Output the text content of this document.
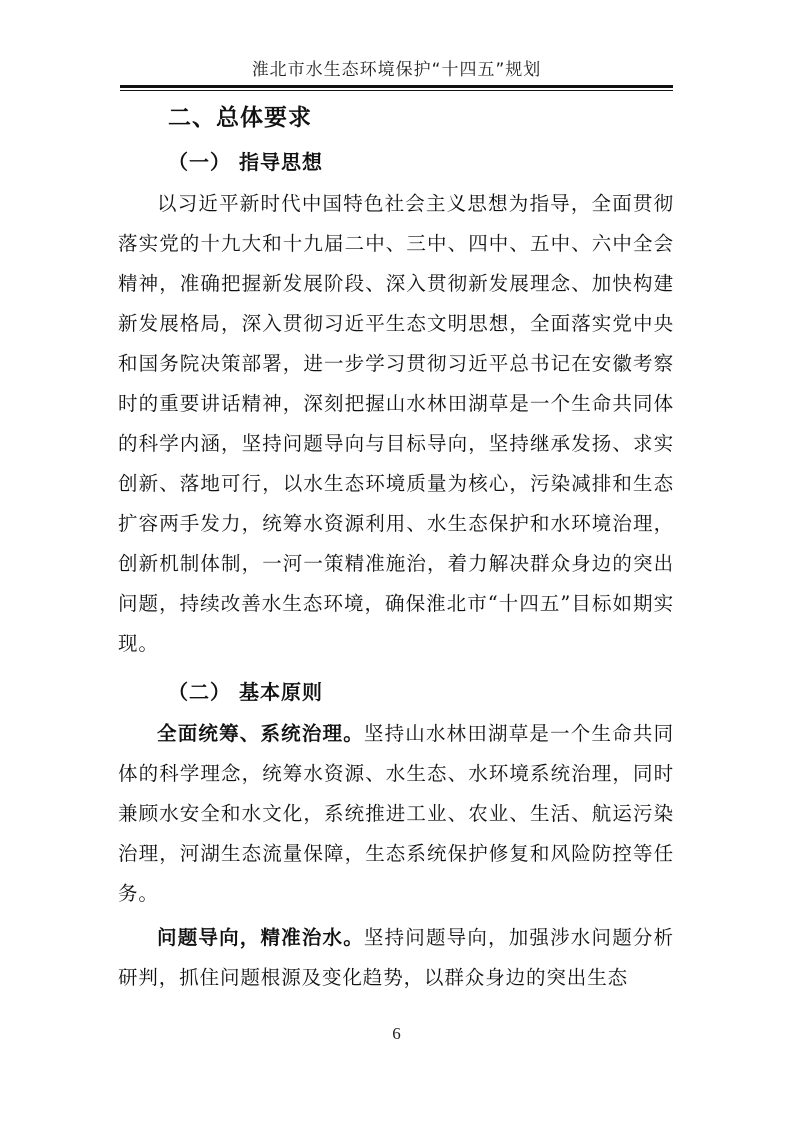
淮北市水生态环境保护“十四五”规划
二、总体要求
（一） 指导思想

以习近平新时代中国特色社会主义思想为指导，全面贯彻落实党的十九大和十九届二中、三中、四中、五中、六中全会精神，准确把握新发展阶段、深入贯彻新发展理念、加快构建新发展格局，深入贯彻习近平生态文明思想，全面落实党中央和国务院决策部署，进一步学习贯彻习近平总书记在安徽考察时的重要讲话精神，深刻把握山水林田湖草是一个生命共同体的科学内涵，坚持问题导向与目标导向，坚持继承发扬、求实创新、落地可行，以水生态环境质量为核心，污染减排和生态扩容两手发力，统筹水资源利用、水生态保护和水环境治理，创新机制体制，一河一策精准施治，着力解决群众身边的突出问题，持续改善水生态环境，确保淮北市“十四五”目标如期实现。

（二） 基本原则

全面统筹、系统治理。坚持山水林田湖草是一个生命共同体的科学理念，统筹水资源、水生态、水环境系统治理，同时兼顾水安全和水文化，系统推进工业、农业、生活、航运污染治理，河湖生态流量保障，生态系统保护修复和风险防控等任务。

问题导向，精准治水。坚持问题导向，加强涉水问题分析研判，抓住问题根源及变化趋势，以群众身边的突出生态

6
